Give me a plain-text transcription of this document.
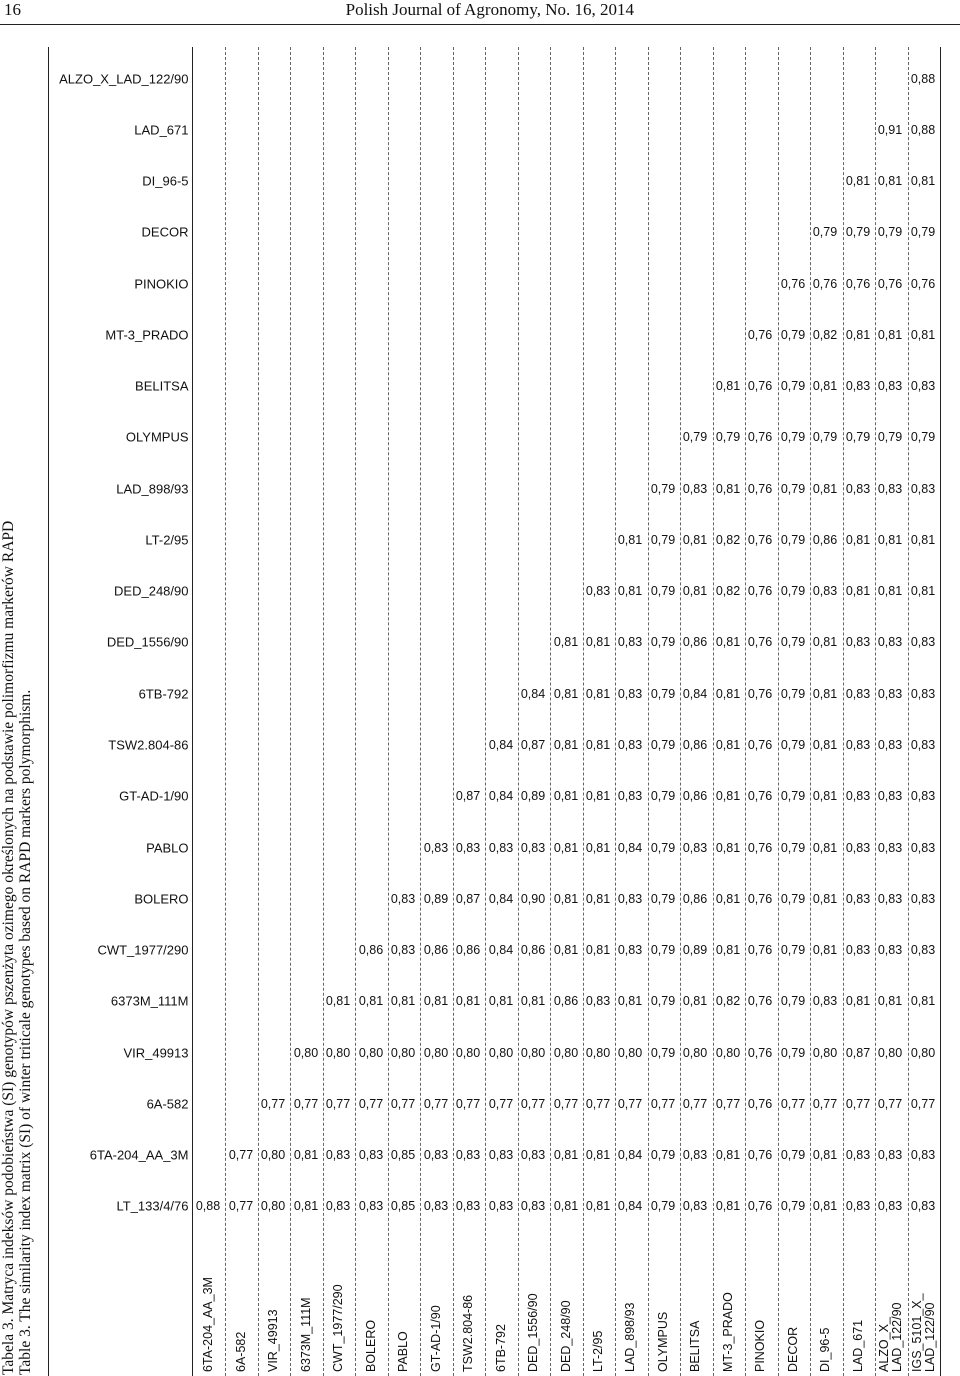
16	Polish Journal of Agronomy, No. 16, 2014
Tabela 3. Matryca indeksów podobieństwa (SI) genotypów pszenżyta ozimego określonych na podstawie polimorfizmu markerów RAPD Table 3. The similarity index matrix (SI) of winter triticale genotypes based on RAPD markers polymorphism.	LT_133/4/76
6TA-204_AA_3M
6A-582
VIR_49913
6373M_111M
CWT_1977/290
BOLERO
PABLO
GT-AD-1/90
TSW2.804-86
6TB-792
DED_1556/90
DED_248/90
LT-2/95
LAD_898/93
OLYMPUS
BELITSA
MT-3_PRADO
PINOKIO
DECOR
DI_96-5
LAD_671
ALZO_X_LAD_122/90
6TA-204_AA_3M
0,88
6A-582
0,77
0,77
VIR_49913
0,80
0,80
0,77
6373M_111M
0,81
0,81
0,77
0,80
CWT_1977/290
0,83
0,83
0,77
0,80
0,81
BOLERO
0,83
0,83
0,77
0,80
0,81
0,86
PABLO
0,85
0,85
0,77
0,80
0,81
0,83
0,83
GT-AD-1/90
0,83
0,83
0,77
0,80
0,81
0,86
0,89
0,83
TSW2.804-86
0,83
0,83
0,77
0,80
0,81
0,86
0,87
0,83
0,87
6TB-792
0,83
0,83
0,77
0,80
0,81
0,84
0,84
0,83
0,84
0,84
DED_1556/90
0,83
0,83
0,77
0,80
0,81
0,86
0,90
0,83
0,89
0,87
0,84
DED_248/90
0,81
0,81
0,77
0,80
0,86
0,81
0,81
0,81
0,81
0,81
0,81
0,81
LT-2/95
0,81
0,81
0,77
0,80
0,83
0,81
0,81
0,81
0,81
0,81
0,81
0,81
0,83
LAD_898/93
0,84
0,84
0,77
0,80
0,81
0,83
0,83
0,84
0,83
0,83
0,83
0,83
0,81
0,81
OLYMPUS
0,79
0,79
0,77
0,79
0,79
0,79
0,79
0,79
0,79
0,79
0,79
0,79
0,79
0,79
0,79
BELITSA
0,83
0,83
0,77
0,80
0,81
0,89
0,86
0,83
0,86
0,86
0,84
0,86
0,81
0,81
0,83
0,79
MT-3_PRADO
0,81
0,81
0,77
0,80
0,82
0,81
0,81
0,81
0,81
0,81
0,81
0,81
0,82
0,82
0,81
0,79
0,81
PINOKIO
0,76
0,76
0,76
0,76
0,76
0,76
0,76
0,76
0,76
0,76
0,76
0,76
0,76
0,76
0,76
0,76
0,76
0,76
DECOR
0,79
0,79
0,77
0,79
0,79
0,79
0,79
0,79
0,79
0,79
0,79
0,79
0,79
0,79
0,79
0,79
0,79
0,79
0,76
DI_96-5
0,81
0,81
0,77
0,80
0,83
0,81
0,81
0,81
0,81
0,81
0,81
0,81
0,83
0,86
0,81
0,79
0,81
0,82
0,76
0,79
LAD_671
0,83
0,83
0,77
0,87
0,81
0,83
0,83
0,83
0,83
0,83
0,83
0,83
0,81
0,81
0,83
0,79
0,83
0,81
0,76
0,79
0,81
ALZO_X_
LAD_122/90
0,83
0,83
0,77
0,80
0,81
0,83
0,83
0,83
0,83
0,83
0,83
0,83
0,81
0,81
0,83
0,79
0,83
0,81
0,76
0,79
0,81
0,91
IGS_5101_X_
LAD_122/90
0,83
0,83
0,77
0,80
0,81
0,83
0,83
0,83
0,83
0,83
0,83
0,83
0,81
0,81
0,83
0,79
0,83
0,81
0,76
0,79
0,81
0,88
0,88
